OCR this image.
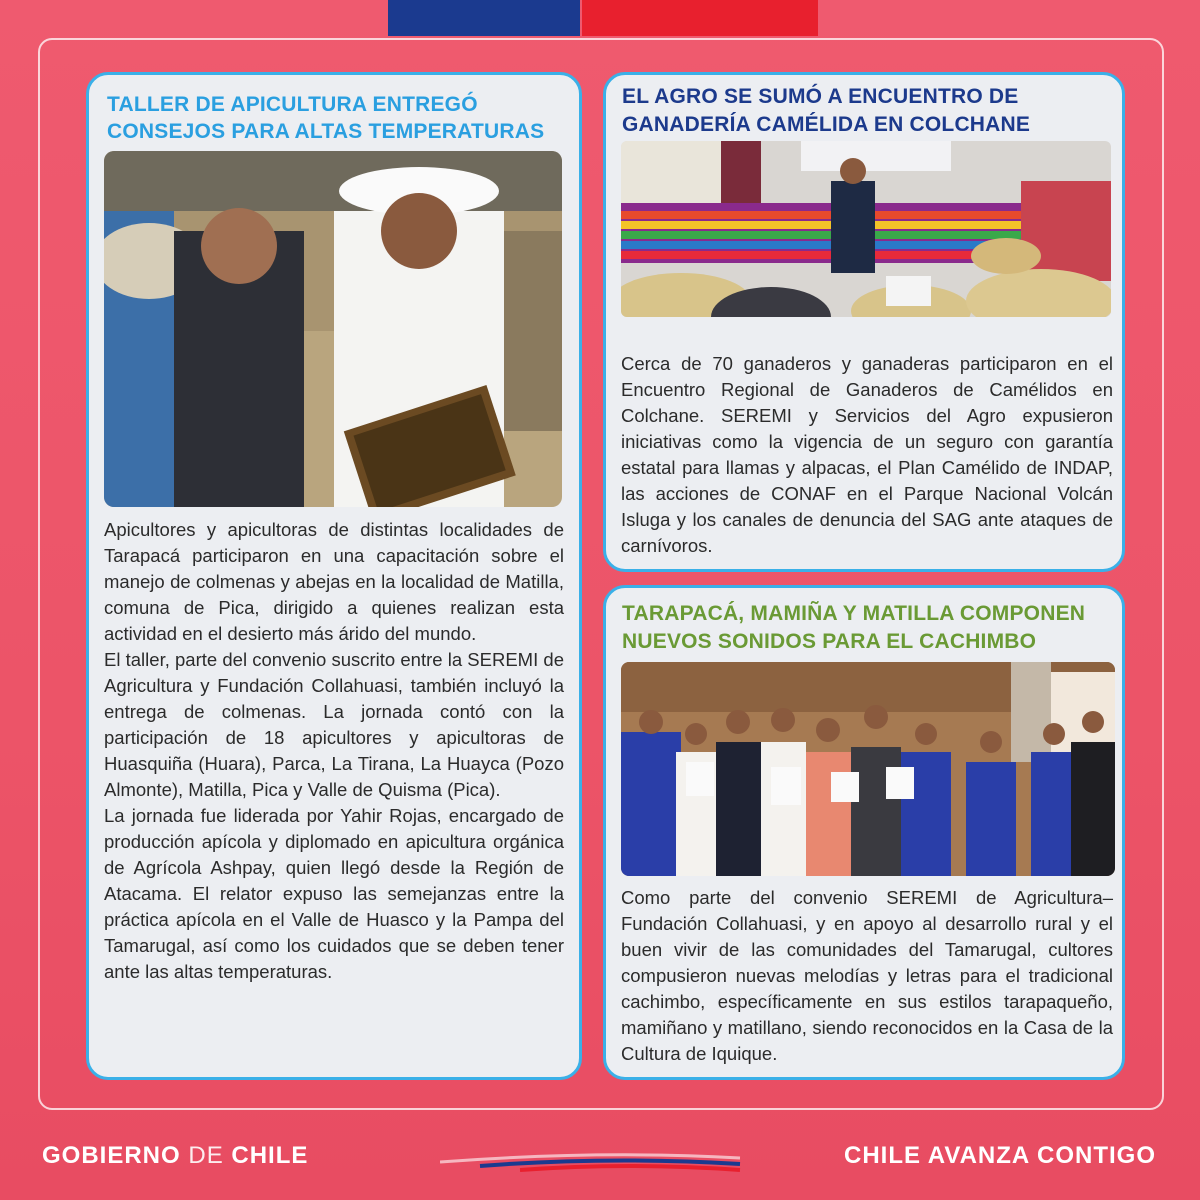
TALLER DE APICULTURA ENTREGÓ CONSEJOS PARA ALTAS TEMPERATURAS

Apicultores y apicultoras de distintas localidades de Tarapacá participaron en una capacitación sobre el manejo de colmenas y abejas en la localidad de Matilla, comuna de Pica, dirigido a quienes realizan esta actividad en el desierto más árido del mundo.

El taller, parte del convenio suscrito entre la SEREMI de Agricultura y Fundación Collahuasi, también incluyó la entrega de colmenas. La jornada contó con la participación de 18 apicultores y apicultoras de Huasquiña (Huara), Parca, La Tirana, La Huayca (Pozo Almonte), Matilla, Pica y Valle de Quisma (Pica).

La jornada fue liderada por Yahir Rojas, encargado de producción apícola y diplomado en apicultura orgánica de Agrícola Ashpay, quien llegó desde la Región de Atacama. El relator expuso las semejanzas entre la práctica apícola en el Valle de Huasco y la Pampa del Tamarugal, así como los cuidados que se deben tener ante las altas temperaturas.

EL AGRO SE SUMÓ A ENCUENTRO DE GANADERÍA CAMÉLIDA EN COLCHANE
Cerca de 70 ganaderos y ganaderas participaron en el Encuentro Regional de Ganaderos de Camélidos en Colchane. SEREMI y Servicios del Agro expusieron iniciativas como la vigencia de un seguro con garantía estatal para llamas y alpacas, el Plan Camélido de INDAP, las acciones de CONAF en el Parque Nacional Volcán Isluga y los canales de denuncia del SAG ante ataques de carnívoros.
TARAPACÁ, MAMIÑA Y MATILLA COMPONEN NUEVOS SONIDOS PARA EL CACHIMBO
Como parte del convenio SEREMI de Agricultura–Fundación Collahuasi, y en apoyo al desarrollo rural y el buen vivir de las comunidades del Tamarugal, cultores compusieron nuevas melodías y letras para el tradicional cachimbo, específicamente en sus estilos tarapaqueño, mamiñano y matillano, siendo reconocidos en la Casa de la Cultura de Iquique.
GOBIERNO DE CHILE	CHILE AVANZA CONTIGO
